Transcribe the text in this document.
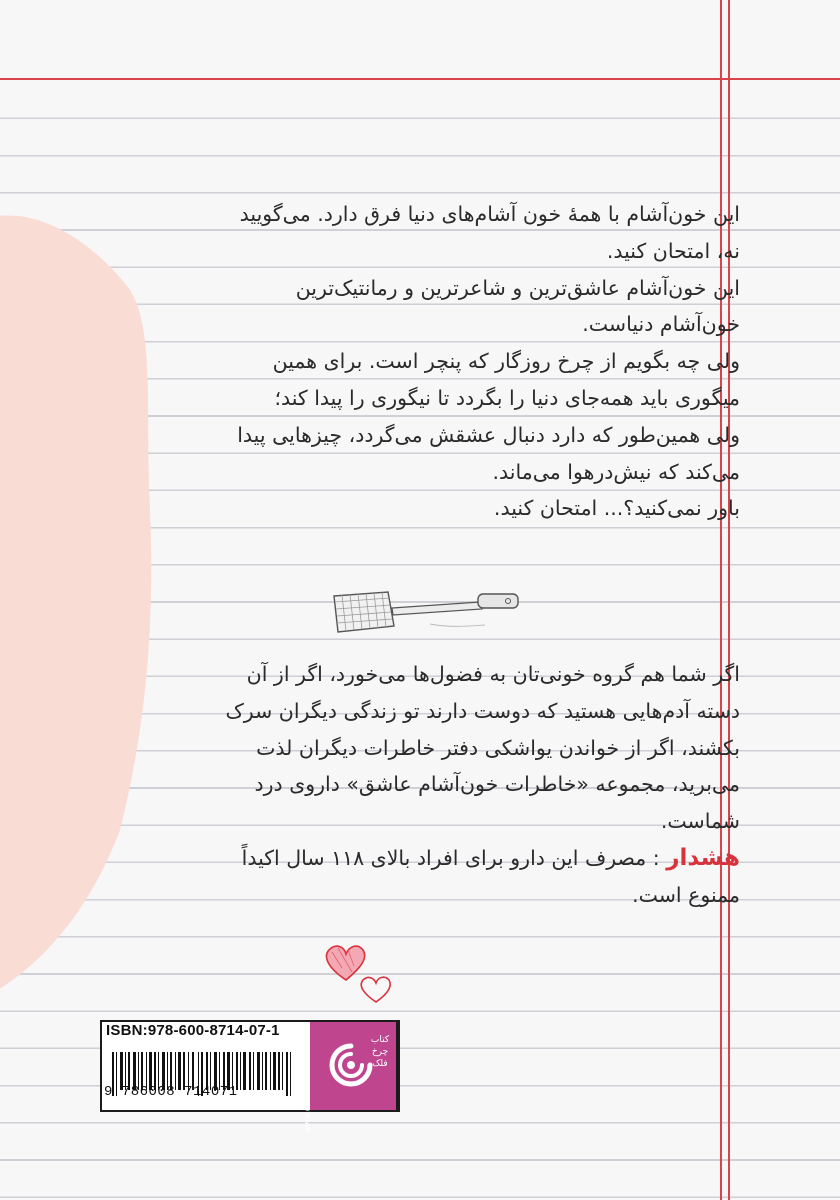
این خون‌آشام با همهٔ خون آشام‌های دنیا فرق دارد. می‌گویید

نه، امتحان کنید.

این خون‌آشام عاشق‌ترین و شاعرترین و رمانتیک‌ترین

خون‌آشام دنیاست.

ولی چه بگویم از چرخ روزگار که پنچر است. برای همین

میگوری باید همه‌جای دنیا را بگردد تا نیگوری را پیدا کند؛

ولی همین‌طور که دارد دنبال عشقش می‌گردد، چیزهایی پیدا

می‌کند که نیش‌در‌هوا می‌ماند.

باور نمی‌کنید؟... امتحان کنید.

اگر شما هم گروه خونی‌تان به فضول‌ها می‌خورد، اگر از آن

دسته آدم‌هایی هستید که دوست دارند تو زندگی دیگران سرک

بکشند، اگر از خواندن یواشکی دفتر خاطرات دیگران لذت

می‌برید، مجموعه «خاطرات خون‌آشام عاشق» داروی درد

شماست.

هشدار : مصرف این دارو برای افراد بالای ۱۱۸ سال اکیداً

ممنوع است.

ISBN:978-600-8714-07-1
9 786008 714071
کتاب چرخ فلک
